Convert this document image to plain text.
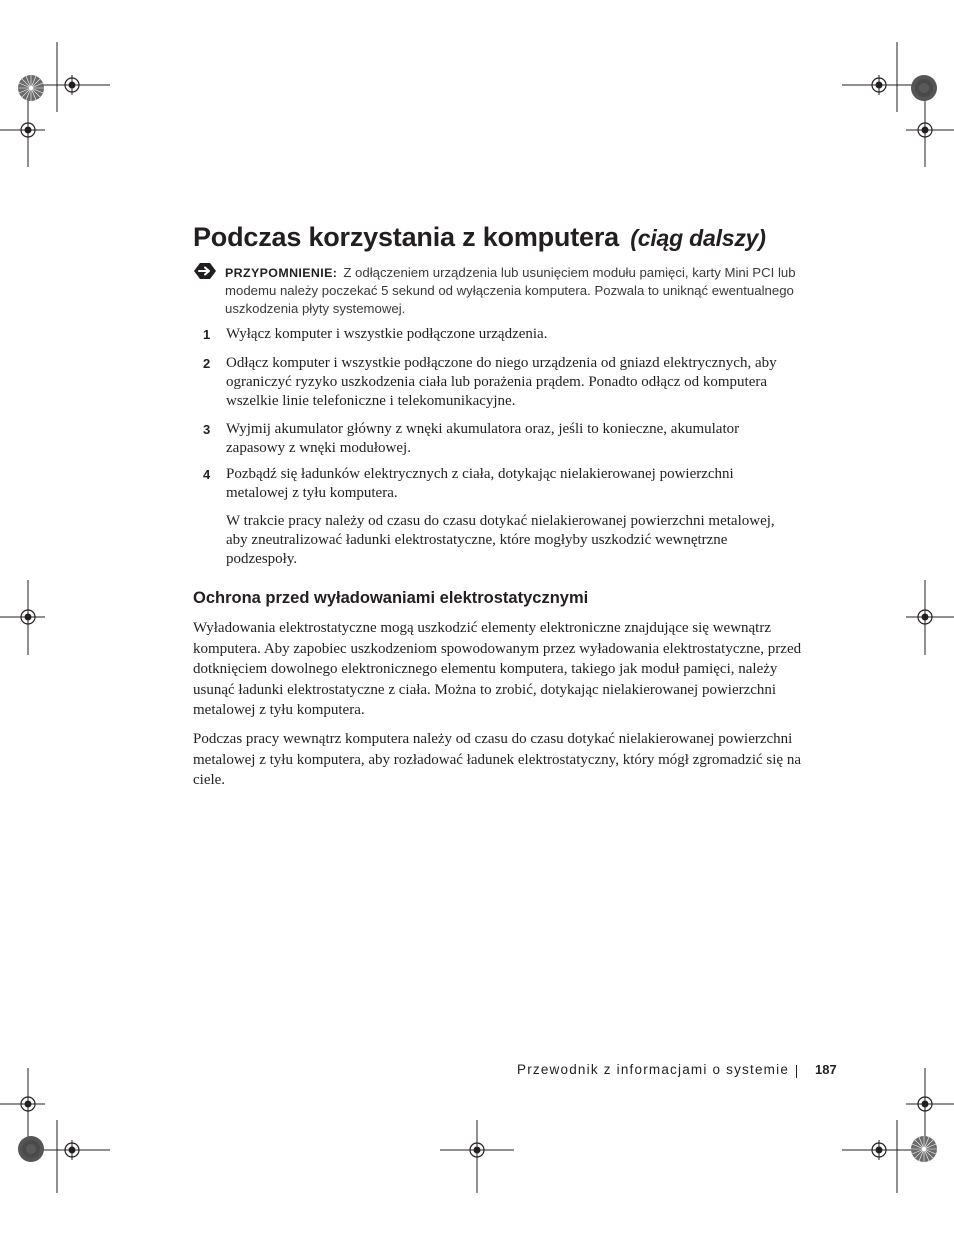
Podczas korzystania z komputera (ciąg dalszy)
PRZYPOMNIENIE: Z odłączeniem urządzenia lub usunięciem modułu pamięci, karty Mini PCI lub modemu należy poczekać 5 sekund od wyłączenia komputera. Pozwala to uniknąć ewentualnego uszkodzenia płyty systemowej.
1 Wyłącz komputer i wszystkie podłączone urządzenia.
2 Odłącz komputer i wszystkie podłączone do niego urządzenia od gniazd elektrycznych, aby ograniczyć ryzyko uszkodzenia ciała lub porażenia prądem. Ponadto odłącz od komputera wszelkie linie telefoniczne i telekomunikacyjne.
3 Wyjmij akumulator główny z wnęki akumulatora oraz, jeśli to konieczne, akumulator zapasowy z wnęki modułowej.
4 Pozbądź się ładunków elektrycznych z ciała, dotykając nielakierowanej powierzchni metalowej z tyłu komputera.
W trakcie pracy należy od czasu do czasu dotykać nielakierowanej powierzchni metalowej, aby zneutralizować ładunki elektrostatyczne, które mogłyby uszkodzić wewnętrzne podzespoły.
Ochrona przed wyładowaniami elektrostatycznymi
Wyładowania elektrostatyczne mogą uszkodzić elementy elektroniczne znajdujące się wewnątrz komputera. Aby zapobiec uszkodzeniom spowodowanym przez wyładowania elektrostatyczne, przed dotknięciem dowolnego elektronicznego elementu komputera, takiego jak moduł pamięci, należy usunąć ładunki elektrostatyczne z ciała. Można to zrobić, dotykając nielakierowanej powierzchni metalowej z tyłu komputera.
Podczas pracy wewnątrz komputera należy od czasu do czasu dotykać nielakierowanej powierzchni metalowej z tyłu komputera, aby rozładować ładunek elektrostatyczny, który mógł zgromadzić się na ciele.
Przewodnik z informacjami o systemie 187
